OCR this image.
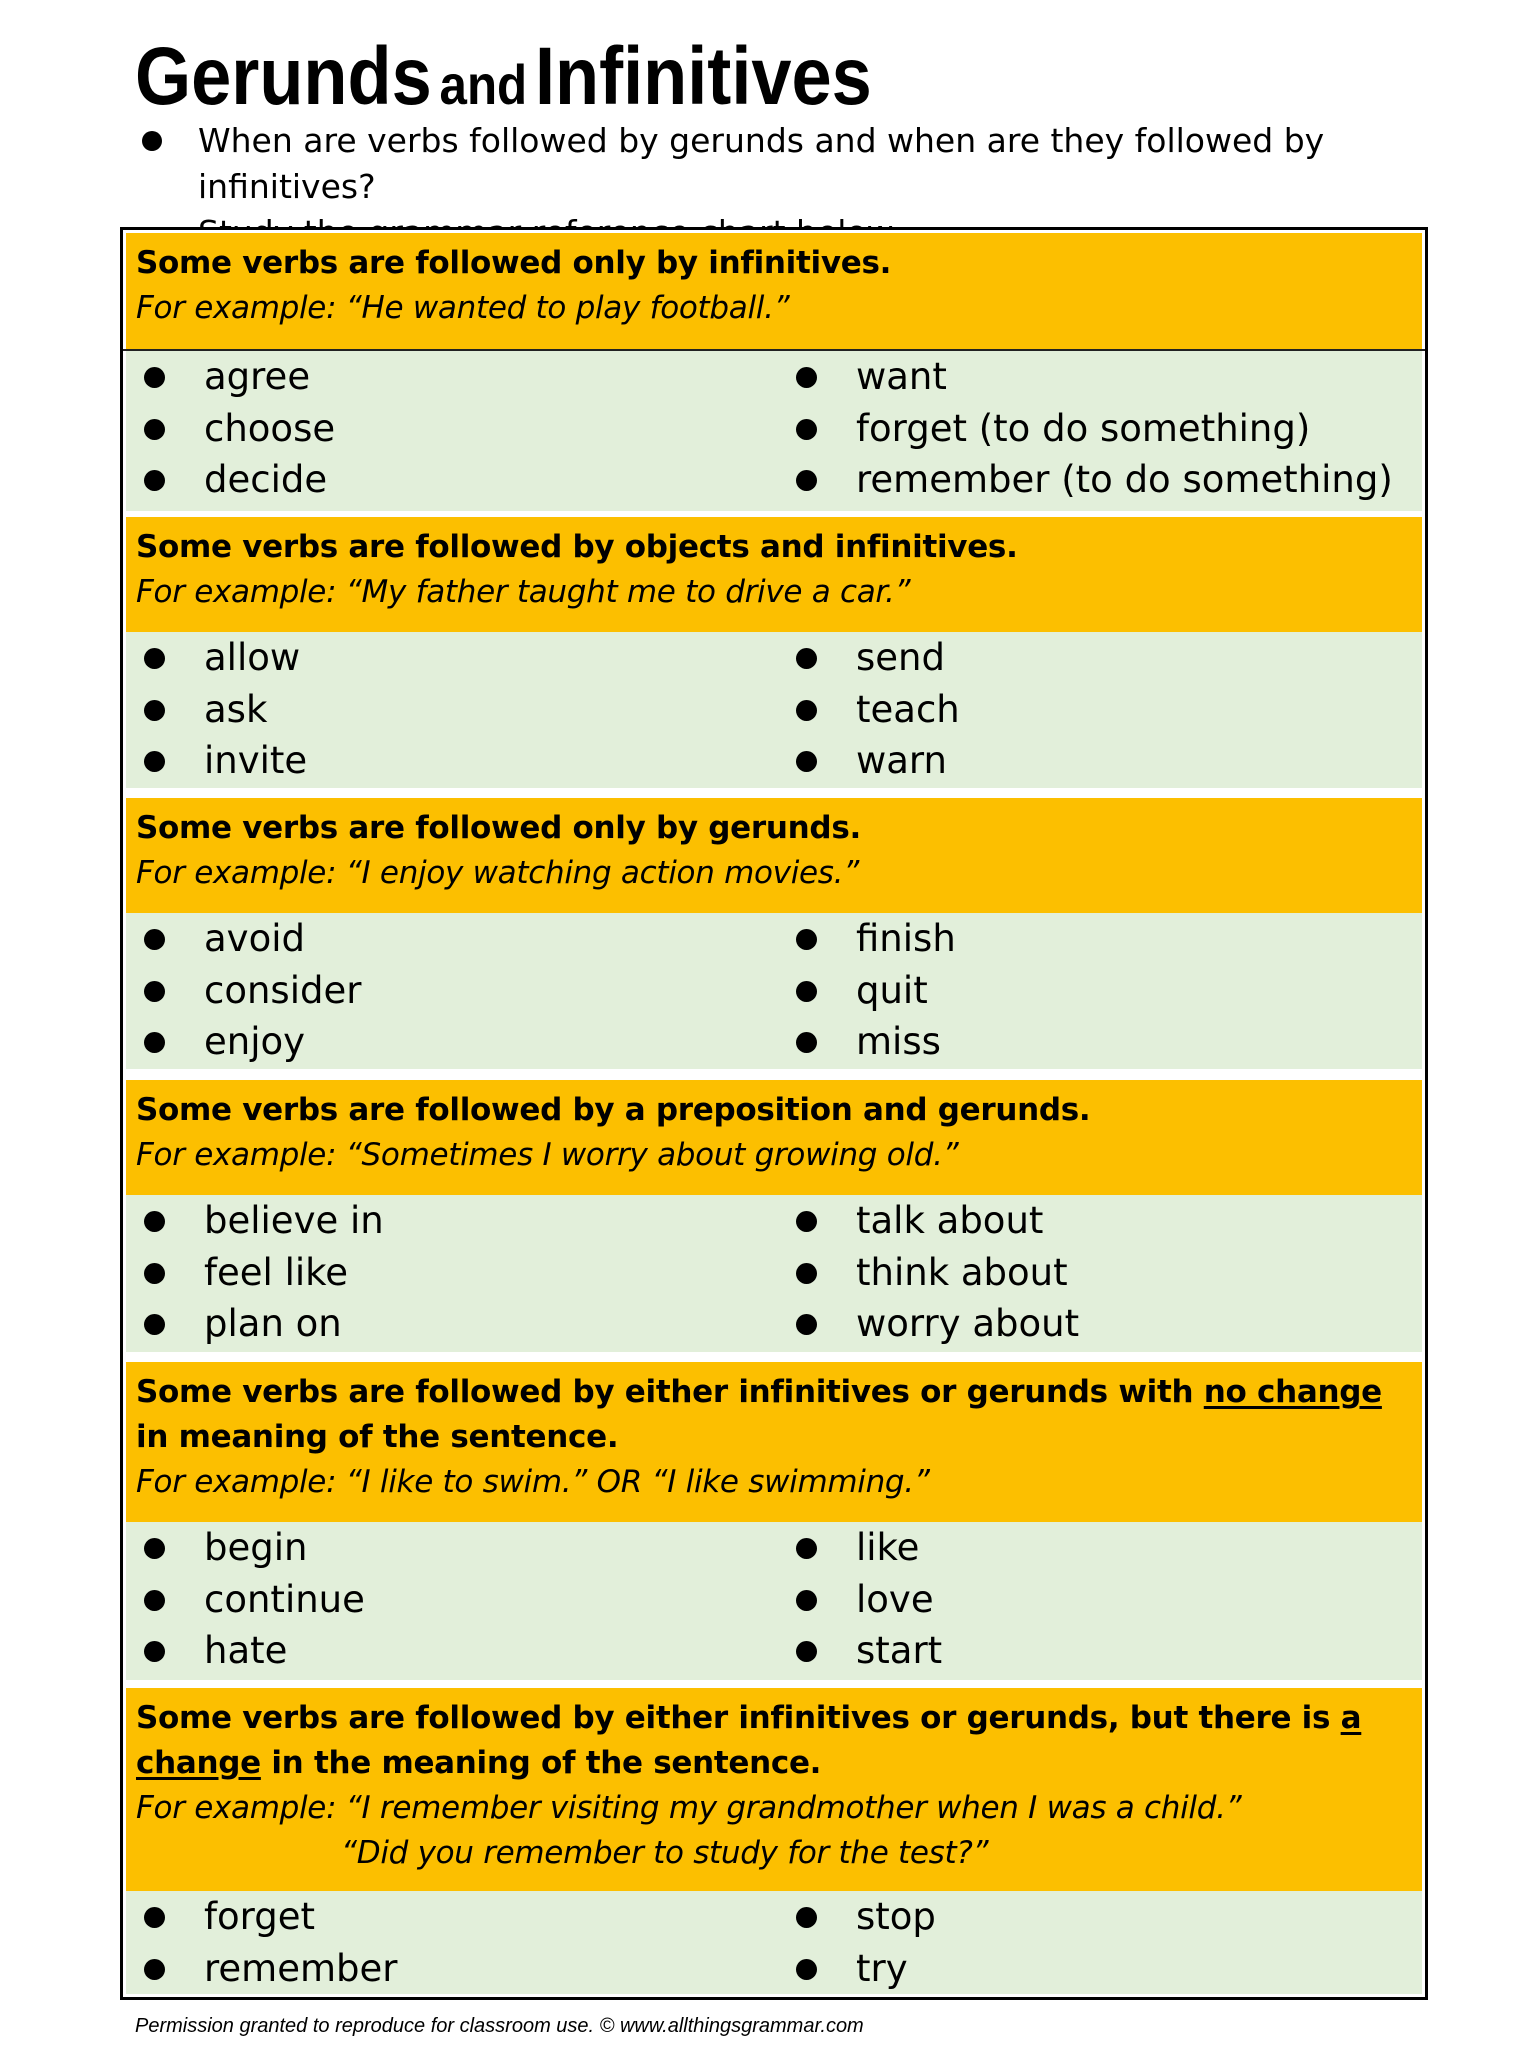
Gerunds and Infinitives
When are verbs followed by gerunds and when are they followed by infinitives?
Some verbs are followed only by infinitives.
For example: “He wanted to play football.”
agree
choose
decide
want
forget (to do something)
remember (to do something)
Some verbs are followed by objects and infinitives.
For example: “My father taught me to drive a car.”
allow
ask
invite
send
teach
warn
Some verbs are followed only by gerunds.
For example: “I enjoy watching action movies.”
avoid
consider
enjoy
finish
quit
miss
Some verbs are followed by a preposition and gerunds.
For example: “Sometimes I worry about growing old.”
believe in
feel like
plan on
talk about
think about
worry about
Some verbs are followed by either infinitives or gerunds with no change in meaning of the sentence.
For example: “I like to swim.” OR “I like swimming.”
begin
continue
hate
like
love
start
Some verbs are followed by either infinitives or gerunds, but there is a change in the meaning of the sentence.
For example: “I remember visiting my grandmother when I was a child.”
“Did you remember to study for the test?”
forget
remember
stop
try
Permission granted to reproduce for classroom use. © www.allthingsgrammar.com
